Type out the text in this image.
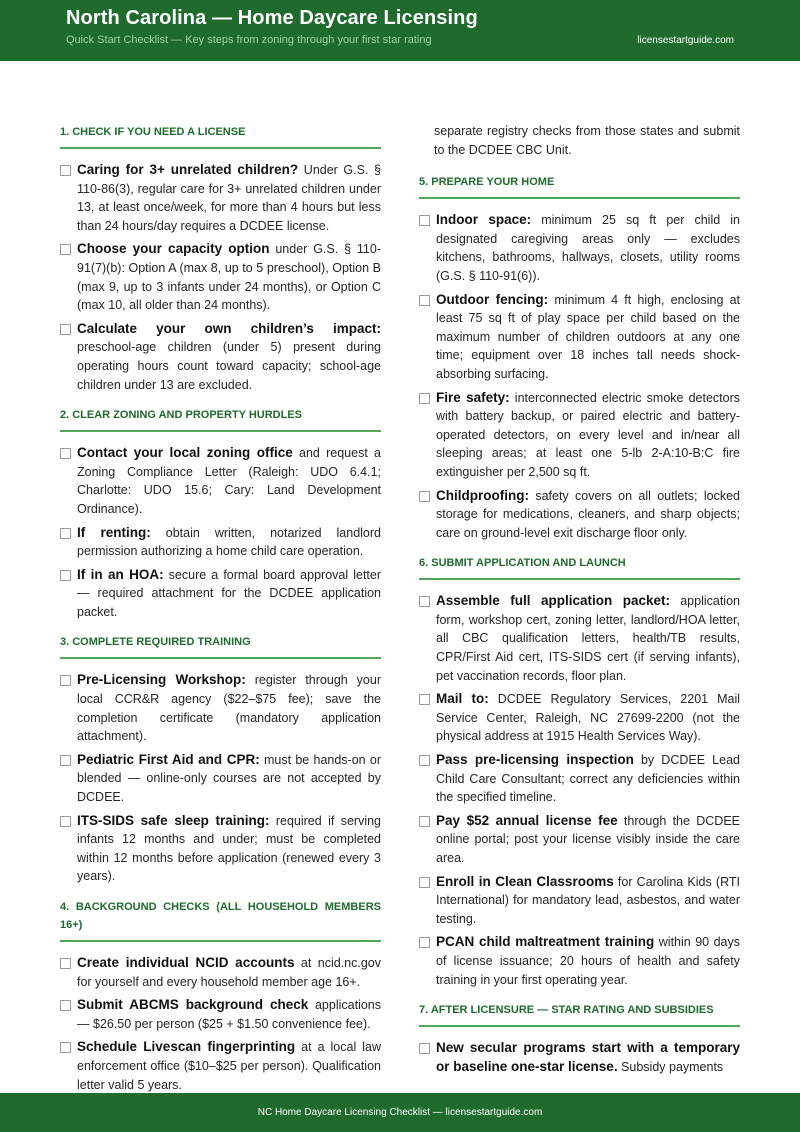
North Carolina — Home Daycare Licensing
Quick Start Checklist — Key steps from zoning through your first star rating	licensestartguide.com
1. CHECK IF YOU NEED A LICENSE
Caring for 3+ unrelated children? Under G.S. § 110-86(3), regular care for 3+ unrelated children under 13, at least once/week, for more than 4 hours but less than 24 hours/day requires a DCDEE license.
Choose your capacity option under G.S. § 110-91(7)(b): Option A (max 8, up to 5 preschool), Option B (max 9, up to 3 infants under 24 months), or Option C (max 10, all older than 24 months).
Calculate your own children’s impact: preschool-age children (under 5) present during operating hours count toward capacity; school-age children under 13 are excluded.
2. CLEAR ZONING AND PROPERTY HURDLES
Contact your local zoning office and request a Zoning Compliance Letter (Raleigh: UDO 6.4.1; Charlotte: UDO 15.6; Cary: Land Development Ordinance).
If renting: obtain written, notarized landlord permission authorizing a home child care operation.
If in an HOA: secure a formal board approval letter — required attachment for the DCDEE application packet.
3. COMPLETE REQUIRED TRAINING
Pre-Licensing Workshop: register through your local CCR&R agency ($22–$75 fee); save the completion certificate (mandatory application attachment).
Pediatric First Aid and CPR: must be hands-on or blended — online-only courses are not accepted by DCDEE.
ITS-SIDS safe sleep training: required if serving infants 12 months and under; must be completed within 12 months before application (renewed every 3 years).
4. BACKGROUND CHECKS (ALL HOUSEHOLD MEMBERS 16+)
Create individual NCID accounts at ncid.nc.gov for yourself and every household member age 16+.
Submit ABCMS background check applications — $26.50 per person ($25 + $1.50 convenience fee).
Schedule Livescan fingerprinting at a local law enforcement office ($10–$25 per person). Qualification letter valid 5 years.
separate registry checks from those states and submit to the DCDEE CBC Unit.
5. PREPARE YOUR HOME
Indoor space: minimum 25 sq ft per child in designated caregiving areas only — excludes kitchens, bathrooms, hallways, closets, utility rooms (G.S. § 110-91(6)).
Outdoor fencing: minimum 4 ft high, enclosing at least 75 sq ft of play space per child based on the maximum number of children outdoors at any one time; equipment over 18 inches tall needs shock-absorbing surfacing.
Fire safety: interconnected electric smoke detectors with battery backup, or paired electric and battery-operated detectors, on every level and in/near all sleeping areas; at least one 5-lb 2-A:10-B:C fire extinguisher per 2,500 sq ft.
Childproofing: safety covers on all outlets; locked storage for medications, cleaners, and sharp objects; care on ground-level exit discharge floor only.
6. SUBMIT APPLICATION AND LAUNCH
Assemble full application packet: application form, workshop cert, zoning letter, landlord/HOA letter, all CBC qualification letters, health/TB results, CPR/First Aid cert, ITS-SIDS cert (if serving infants), pet vaccination records, floor plan.
Mail to: DCDEE Regulatory Services, 2201 Mail Service Center, Raleigh, NC 27699-2200 (not the physical address at 1915 Health Services Way).
Pass pre-licensing inspection by DCDEE Lead Child Care Consultant; correct any deficiencies within the specified timeline.
Pay $52 annual license fee through the DCDEE online portal; post your license visibly inside the care area.
Enroll in Clean Classrooms for Carolina Kids (RTI International) for mandatory lead, asbestos, and water testing.
PCAN child maltreatment training within 90 days of license issuance; 20 hours of health and safety training in your first operating year.
7. AFTER LICENSURE — STAR RATING AND SUBSIDIES
New secular programs start with a temporary or baseline one-star license. Subsidy payments
NC Home Daycare Licensing Checklist — licensestartguide.com
